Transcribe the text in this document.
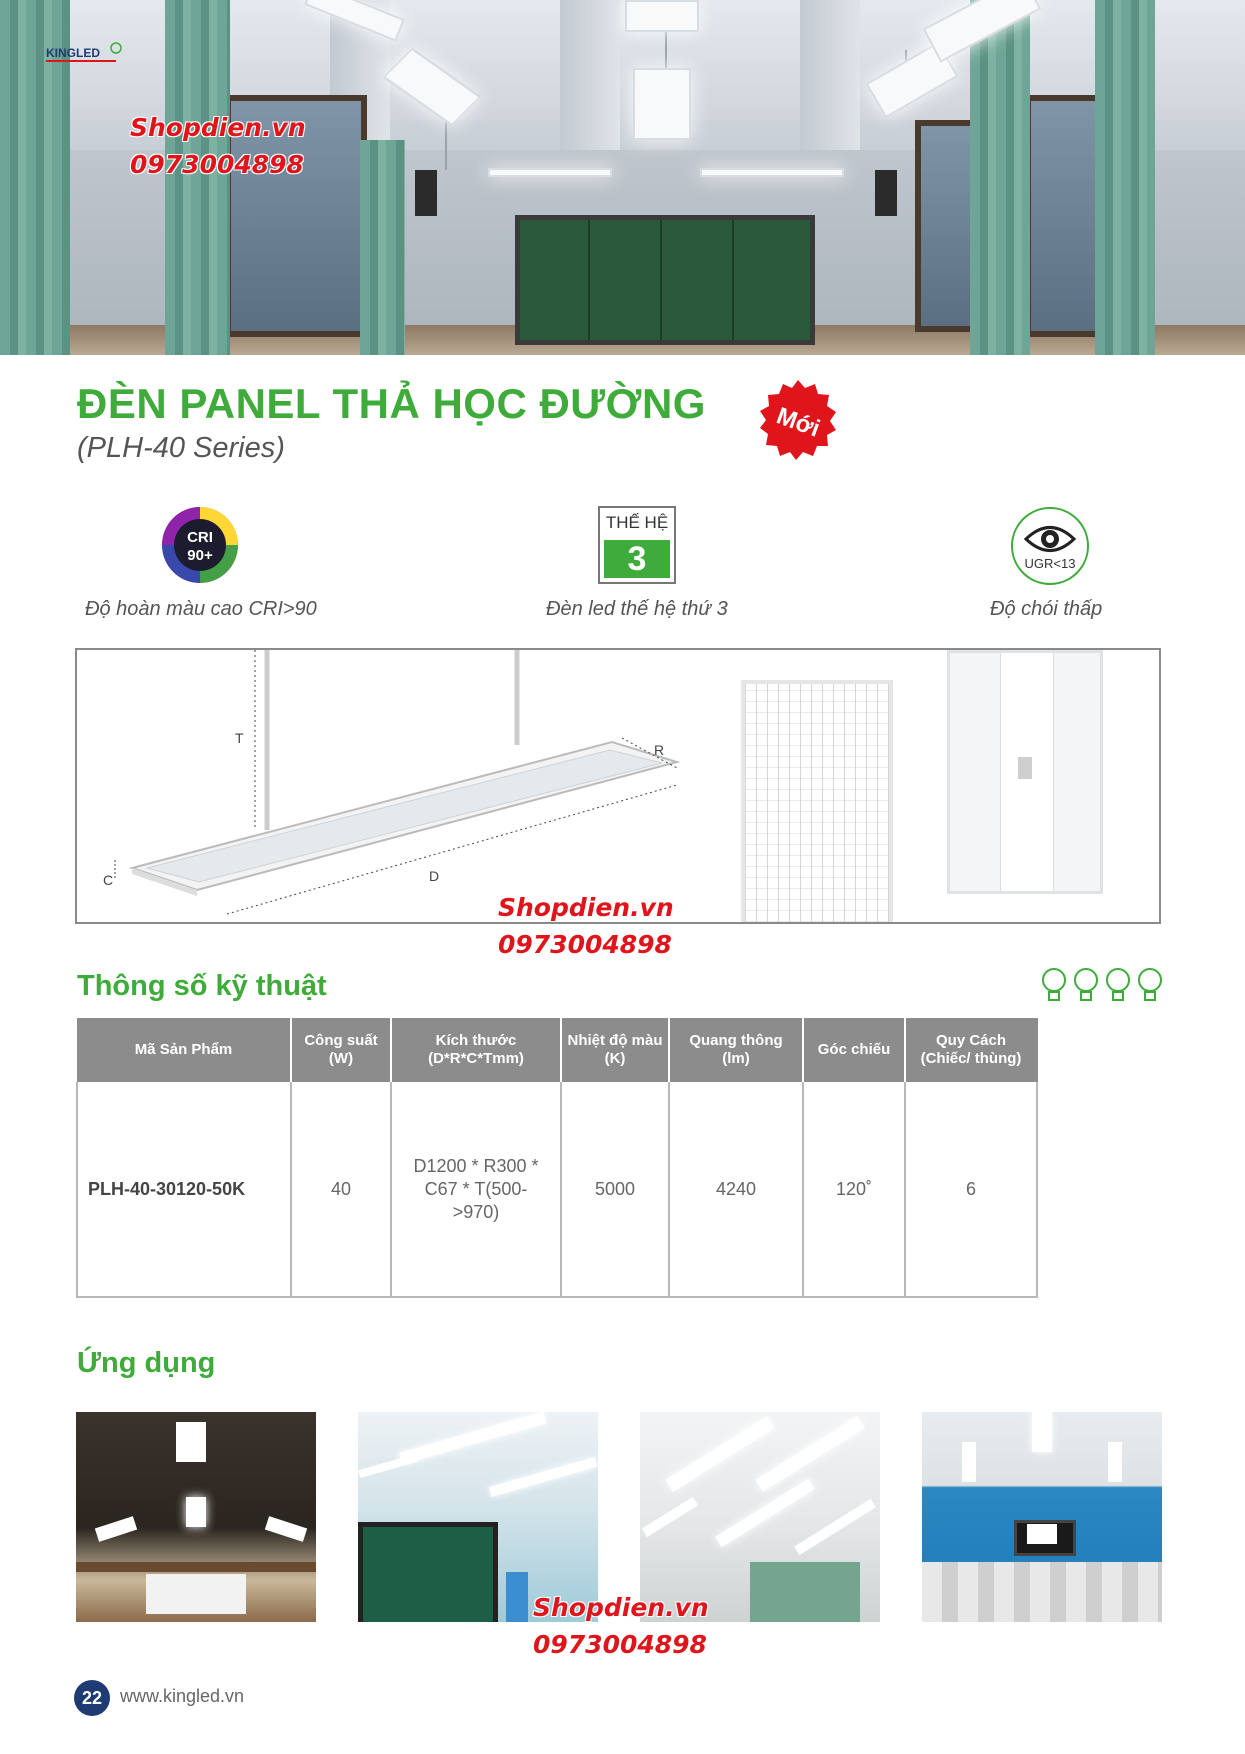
KINGLED
Shopdien.vn
0973004898
ĐÈN PANEL THẢ HỌC ĐƯỜNG
(PLH-40 Series)
Mới
CRI
90+
Độ hoàn màu cao CRI>90
THẾ HỆ
3
Đèn led thế hệ thứ 3
UGR<13
Độ chói thấp
T
R
C	D
Shopdien.vn
0973004898
Thông số kỹ thuật
Mã Sản Phẩm	Công suất (W)	Kích thước (D*R*C*Tmm)	Nhiệt độ màu (K)	Quang thông (lm)	Góc chiếu	Quy Cách (Chiếc/ thùng)
PLH-40-30120-50K	40	D1200 * R300 * C67 * T(500->970)	5000	4240	120˚	6
Ứng dụng
Shopdien.vn
0973004898
22 www.kingled.vn
